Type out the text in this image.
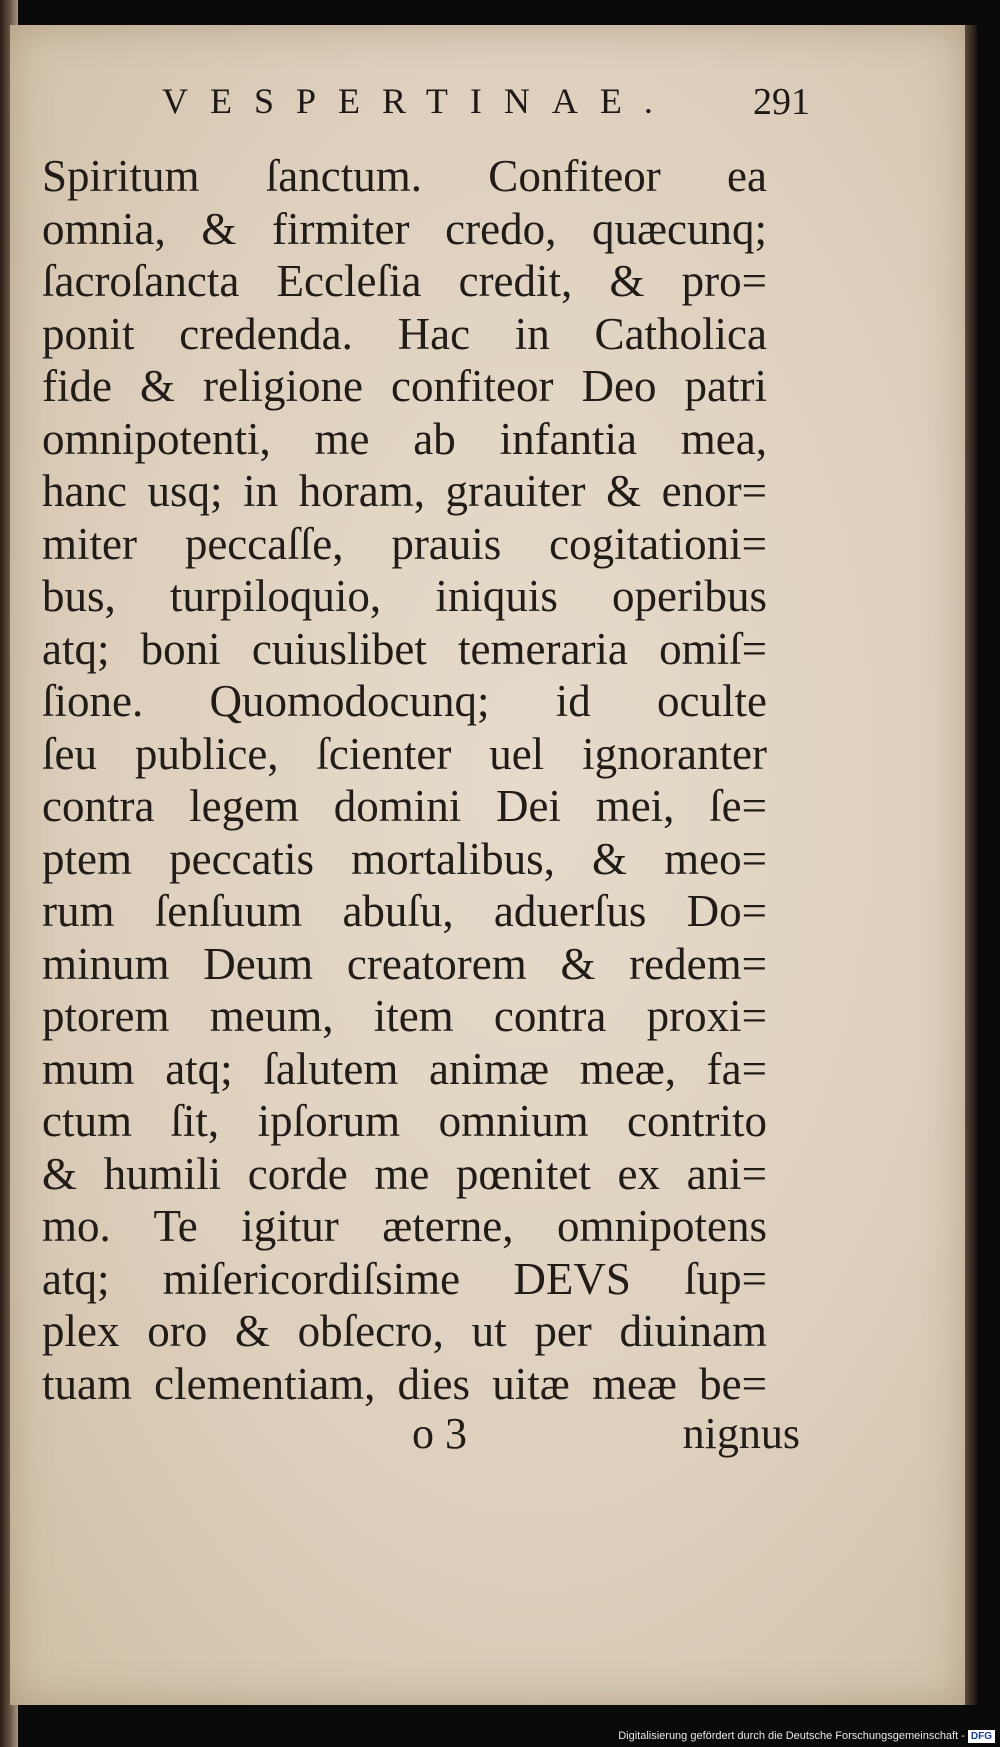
VESPERTINAE.	291
Spiritum ſanctum. Confiteor ea
omnia, & firmiter credo, quæcunq;
ſacroſancta Eccleſia credit, & pro=
ponit credenda. Hac in Catholica
fide & religione confiteor Deo patri
omnipotenti, me ab infantia mea,
hanc usq; in horam, grauiter & enor=
miter peccaſſe, prauis cogitationi=
bus, turpiloquio, iniquis operibus
atq; boni cuiuslibet temeraria omiſ=
ſione. Quomodocunq; id oculte
ſeu publice, ſcienter uel ignoranter
contra legem domini Dei mei, ſe=
ptem peccatis mortalibus, & meo=
rum ſenſuum abuſu, aduerſus Do=
minum Deum creatorem & redem=
ptorem meum, item contra proxi=
mum atq; ſalutem animæ meæ, fa=
ctum ſit, ipſorum omnium contrito
& humili corde me pœnitet ex ani=
mo. Te igitur æterne, omnipotens
atq; miſericordiſsime DEVS ſup=
plex oro & obſecro, ut per diuinam
tuam clementiam, dies uitæ meæ be=
o 3	nignus
Digitalisierung gefördert durch die Deutsche Forschungsgemeinschaft - DFG
